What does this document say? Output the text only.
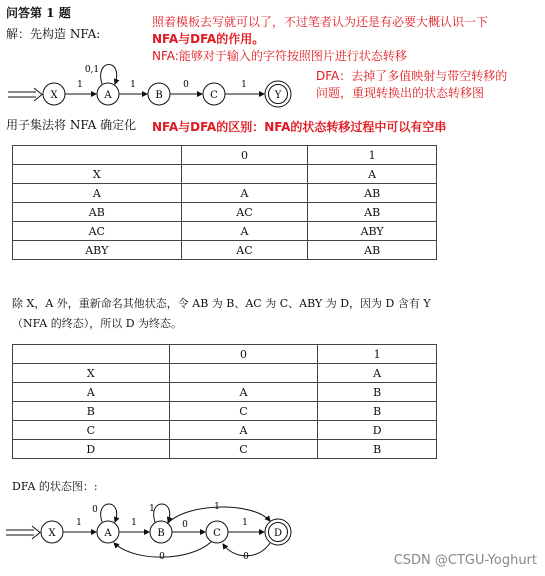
问答第 1 题
解：先构造 NFA:
X	A	B	C	Y
1
0,1
1	0	1
照着模板去写就可以了，不过笔者认为还是有必要大概认识一下
NFA与DFA的作用。
NFA:能够对于输入的字符按照图片进行状态转移
DFA：去掉了多值映射与带空转移的
问题，重现转换出的状态转移图
NFA与DFA的区别：NFA的状态转移过程中可以有空串
用子集法将 NFA 确定化
	0	1
X		A
A	A	AB
AB	AC	AB
AC	A	ABY
ABY	AC	AB
除 X，A 外，重新命名其他状态，令 AB 为 B、AC 为 C、ABY 为 D，因为 D 含有 Y
（NFA 的终态），所以 D 为终态。
	0	1
X		A
A	A	B
B	C	B
C	A	D
D	C	B
DFA 的状态图：:
X	A	B	C	D
1
0
1
1
0	1
1
0	0	CSDN @CTGU-Yoghurt
